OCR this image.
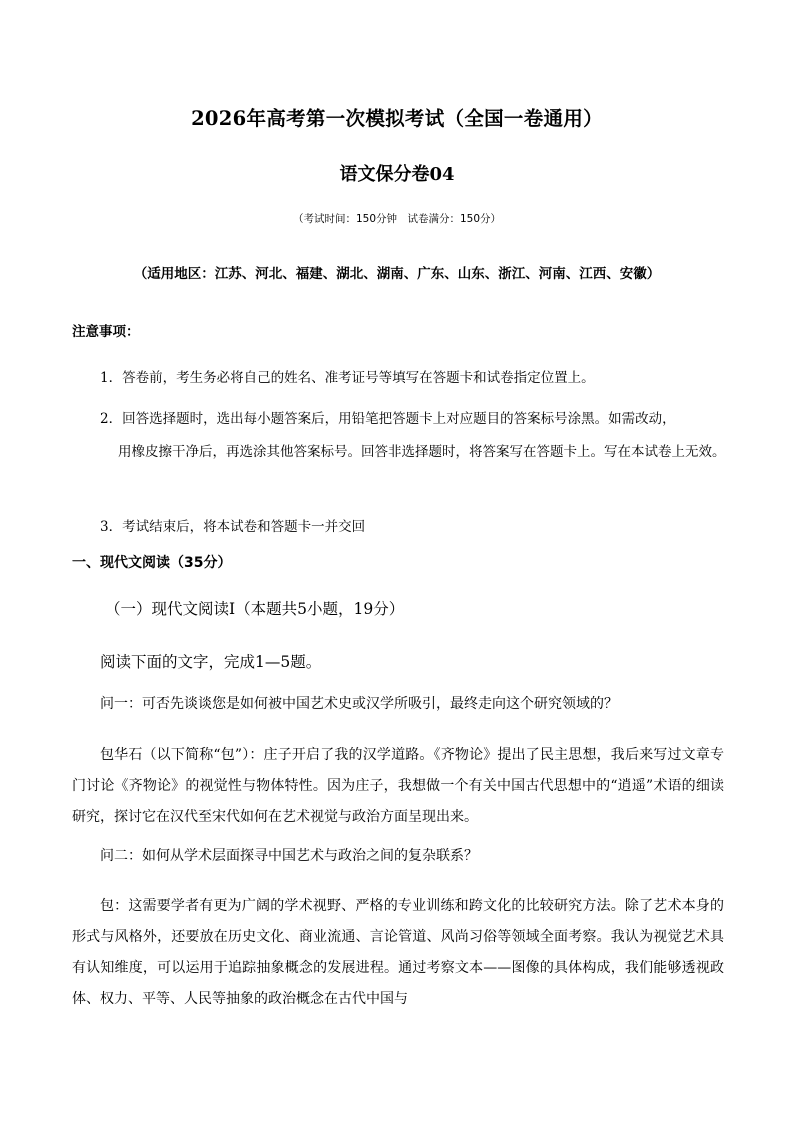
2026年高考第一次模拟考试（全国一卷通用）
语文保分卷04
（考试时间：150分钟　试卷满分：150分）
（适用地区：江苏、河北、福建、湖北、湖南、广东、山东、浙江、河南、江西、安徽）
注意事项：
1．答卷前，考生务必将自己的姓名、准考证号等填写在答题卡和试卷指定位置上。
2．回答选择题时，选出每小题答案后，用铅笔把答题卡上对应题目的答案标号涂黑。如需改动，
用橡皮擦干净后，再选涂其他答案标号。回答非选择题时，将答案写在答题卡上。写在本试卷上无效。
3．考试结束后，将本试卷和答题卡一并交回
一、现代文阅读（35分）
（一）现代文阅读Ⅰ（本题共5小题，19分）
阅读下面的文字，完成1—5题。
问一：可否先谈谈您是如何被中国艺术史或汉学所吸引，最终走向这个研究领域的？
包华石（以下简称“包”）：庄子开启了我的汉学道路。《齐物论》提出了民主思想，我后来写过文章专门讨论《齐物论》的视觉性与物体特性。因为庄子，我想做一个有关中国古代思想中的“逍遥”术语的细读研究，探讨它在汉代至宋代如何在艺术视觉与政治方面呈现出来。
问二：如何从学术层面探寻中国艺术与政治之间的复杂联系？
包：这需要学者有更为广阔的学术视野、严格的专业训练和跨文化的比较研究方法。除了艺术本身的形式与风格外，还要放在历史文化、商业流通、言论管道、风尚习俗等领域全面考察。我认为视觉艺术具有认知维度，可以运用于追踪抽象概念的发展进程。通过考察文本——图像的具体构成，我们能够透视政体、权力、平等、人民等抽象的政治概念在古代中国与
